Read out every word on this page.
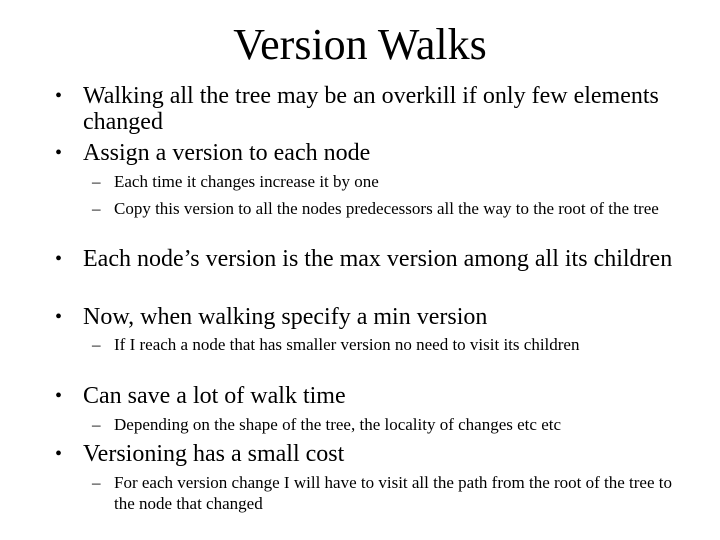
Version Walks
• Walking all the tree may be an overkill if only few elements changed
• Assign a version to each node
– Each time it changes increase it by one
– Copy this version to all the nodes predecessors all the way to the root of the tree
• Each node’s version is the max version among all its children
• Now, when walking specify a min version
– If I reach a node that has smaller version no need to visit its children
• Can save a lot of walk time
– Depending on the shape of the tree, the locality of changes etc etc
• Versioning has a small cost
– For each version change I will have to visit all the path from the root of the tree to the node that changed
